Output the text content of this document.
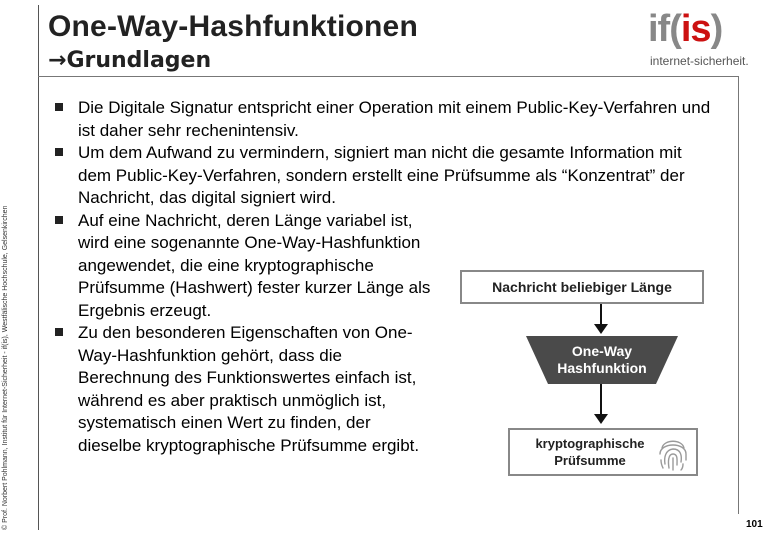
© Prof. Norbert Pohlmann, Institut für Internet-Sicherheit - if(is), Westfälische Hochschule, Gelsenkirchen
One-Way-Hashfunktionen
→Grundlagen
if(is)
internet-sicherheit.
Die Digitale Signatur entspricht einer Operation mit einem Public-Key-Verfahren und ist daher sehr rechenintensiv.
Um dem Aufwand zu vermindern, signiert man nicht die gesamte Information mit dem Public-Key-Verfahren, sondern erstellt eine Prüfsumme als “Konzentrat” der Nachricht, das digital signiert wird.
Auf eine Nachricht, deren Länge variabel ist, wird eine sogenannte One-Way-Hashfunktion angewendet, die eine kryptographische Prüfsumme (Hashwert) fester kurzer Länge als Ergebnis erzeugt.
Zu den besonderen Eigenschaften von One-Way-Hashfunktion gehört, dass die Berechnung des Funktionswertes einfach ist, während es aber praktisch unmöglich ist, systematisch einen Wert zu finden, der dieselbe kryptographische Prüfsumme ergibt.
Nachricht beliebiger Länge
One-Way
Hashfunktion
kryptographische
Prüfsumme
101
